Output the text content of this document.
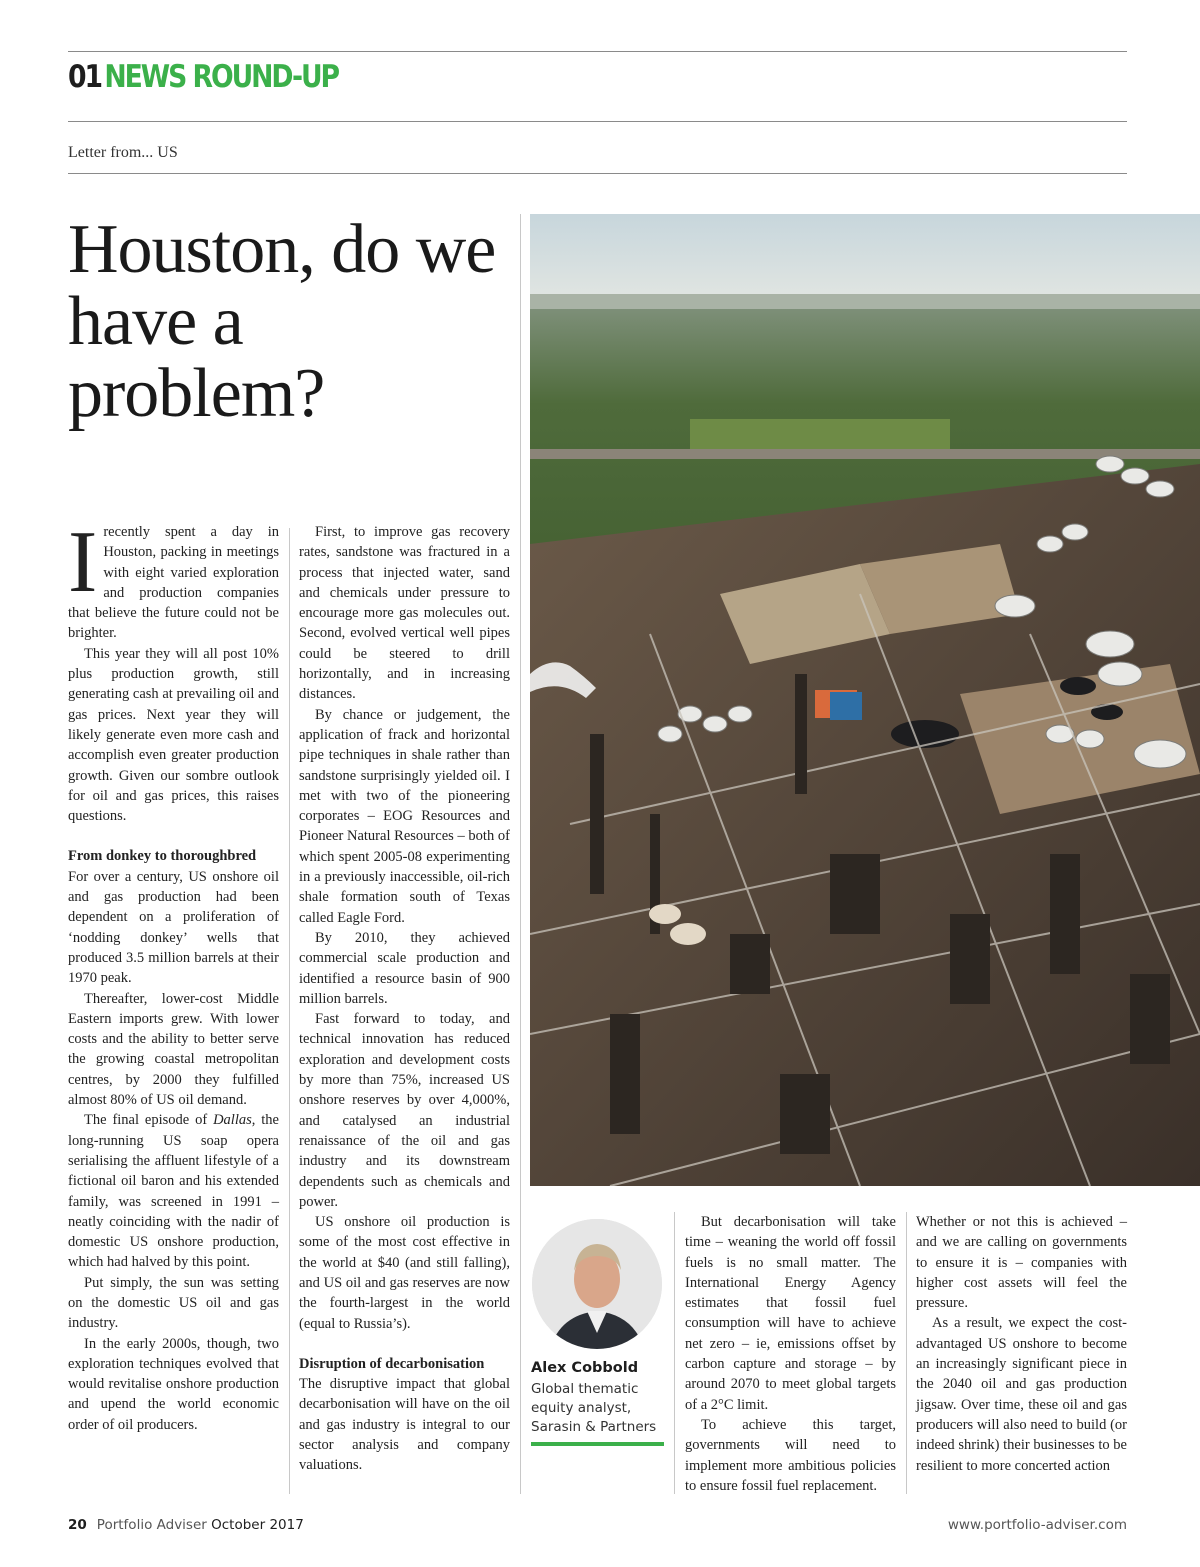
01 NEWS ROUND-UP
Letter from... US
Houston, do we have a problem?

Irecently spent a day in Houston, packing in meetings with eight varied exploration and production companies that believe the future could not be brighter.

This year they will all post 10% plus production growth, still generating cash at prevailing oil and gas prices. Next year they will likely generate even more cash and accomplish even greater production growth. Given our sombre outlook for oil and gas prices, this raises questions.

From donkey to thoroughbred

For over a century, US onshore oil and gas production had been dependent on a proliferation of ‘nodding donkey’ wells that produced 3.5 million barrels at their 1970 peak.

Thereafter, lower-cost Middle Eastern imports grew. With lower costs and the ability to better serve the growing coastal metropolitan centres, by 2000 they fulfilled almost 80% of US oil demand.

The final episode of Dallas, the long-running US soap opera serialising the affluent lifestyle of a fictional oil baron and his extended family, was screened in 1991 – neatly coinciding with the nadir of domestic US onshore production, which had halved by this point.

Put simply, the sun was setting on the domestic US oil and gas industry.

In the early 2000s, though, two exploration techniques evolved that would revitalise onshore production and upend the world economic order of oil producers.

First, to improve gas recovery rates, sandstone was fractured in a process that injected water, sand and chemicals under pressure to encourage more gas molecules out. Second, evolved vertical well pipes could be steered to drill horizontally, and in increasing distances.

By chance or judgement, the application of frack and horizontal pipe techniques in shale rather than sandstone surprisingly yielded oil. I met with two of the pioneering corporates – EOG Resources and Pioneer Natural Resources – both of which spent 2005-08 experimenting in a previously inaccessible, oil-rich shale formation south of Texas called Eagle Ford.

By 2010, they achieved commercial scale production and identified a resource basin of 900 million barrels.

Fast forward to today, and technical innovation has reduced exploration and development costs by more than 75%, increased US onshore reserves by over 4,000%, and catalysed an industrial renaissance of the oil and gas industry and its downstream dependents such as chemicals and power.

US onshore oil production is some of the most cost effective in the world at $40 (and still falling), and US oil and gas reserves are now the fourth-largest in the world (equal to Russia’s).

Disruption of decarbonisation

The disruptive impact that global decarbonisation will have on the oil and gas industry is integral to our sector analysis and company valuations.

Alex Cobbold
Global thematic equity analyst, Sarasin & Partners

But decarbonisation will take time – weaning the world off fossil fuels is no small matter. The International Energy Agency estimates that fossil fuel consumption will have to achieve net zero – ie, emissions offset by carbon capture and storage – by around 2070 to meet global targets of a 2°C limit.

To achieve this target, governments will need to implement more ambitious policies to ensure fossil fuel replacement.

Whether or not this is achieved – and we are calling on governments to ensure it is – companies with higher cost assets will feel the pressure.

As a result, we expect the cost-advantaged US onshore to become an increasingly significant piece in the 2040 oil and gas production jigsaw. Over time, these oil and gas producers will also need to build (or indeed shrink) their businesses to be resilient to more concerted action

20 Portfolio Adviser October 2017	www.portfolio-adviser.com
